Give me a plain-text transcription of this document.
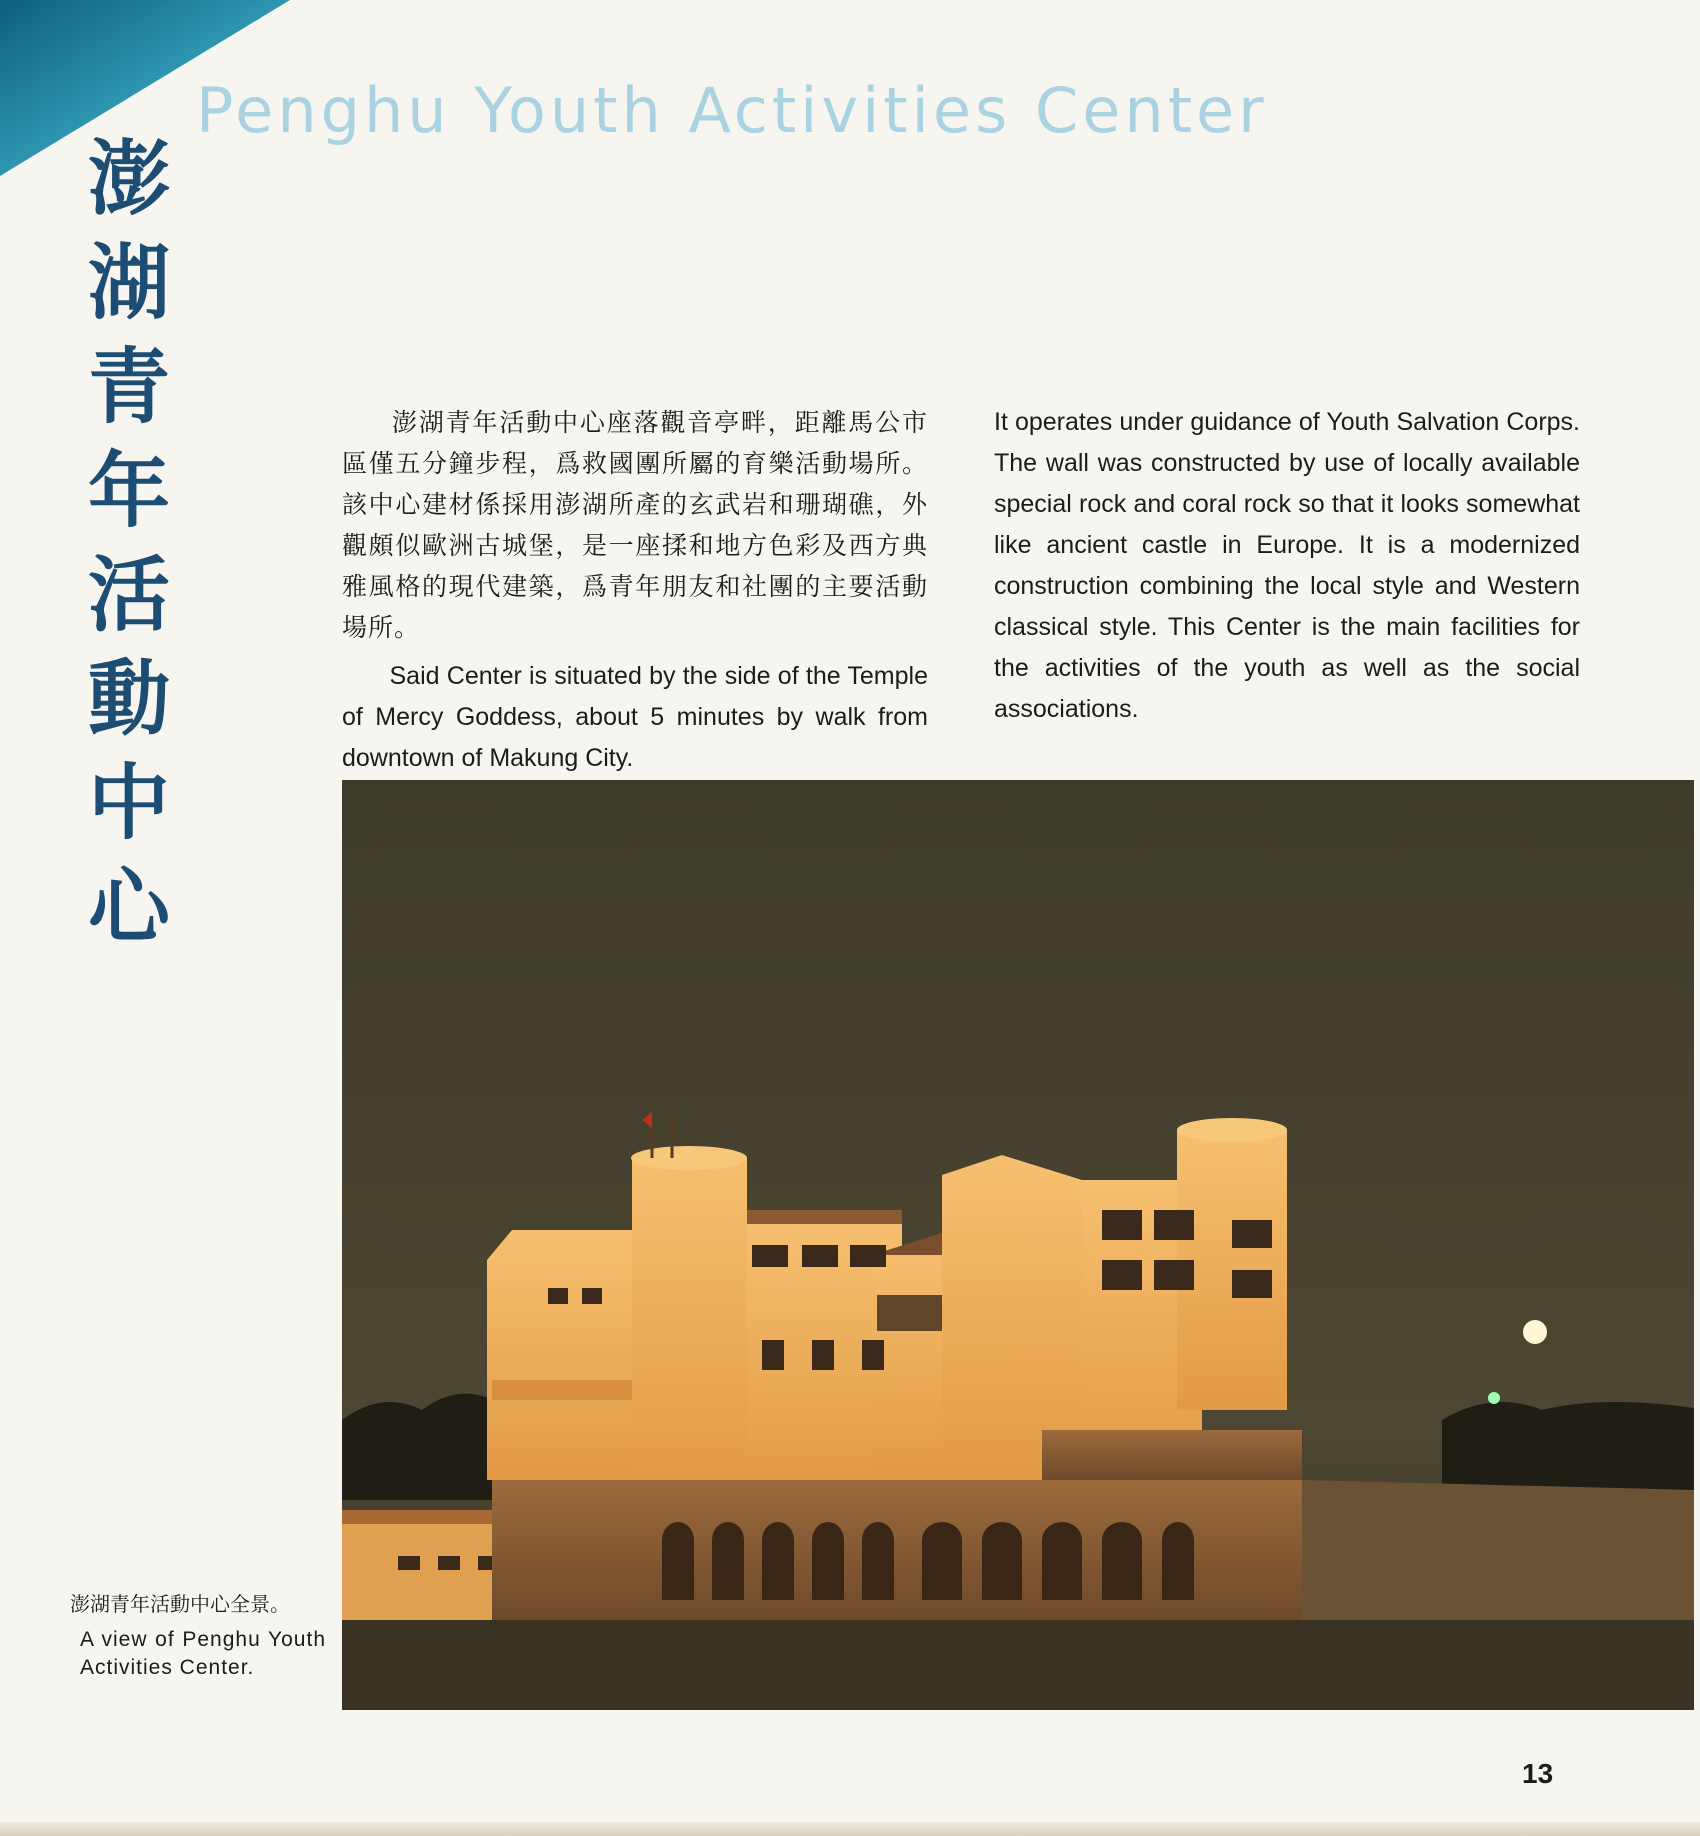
Penghu Youth Activities Center
澎湖青年活動中心

澎湖青年活動中心座落觀音亭畔，距離馬公市區僅五分鐘步程，爲救國團所屬的育樂活動場所。該中心建材係採用澎湖所產的玄武岩和珊瑚礁，外觀頗似歐洲古城堡，是一座揉和地方色彩及西方典雅風格的現代建築，爲青年朋友和社團的主要活動場所。

Said Center is situated by the side of the Temple of Mercy Goddess, about 5 minutes by walk from downtown of Makung City.

It operates under guidance of Youth Salvation Corps. The wall was constructed by use of locally available special rock and coral rock so that it looks somewhat like ancient castle in Europe. It is a modernized construction combining the local style and Western classical style. This Center is the main facilities for the activities of the youth as well as the social associations.

澎湖青年活動中心全景。
A view of Penghu Youth Activities Center.
13
